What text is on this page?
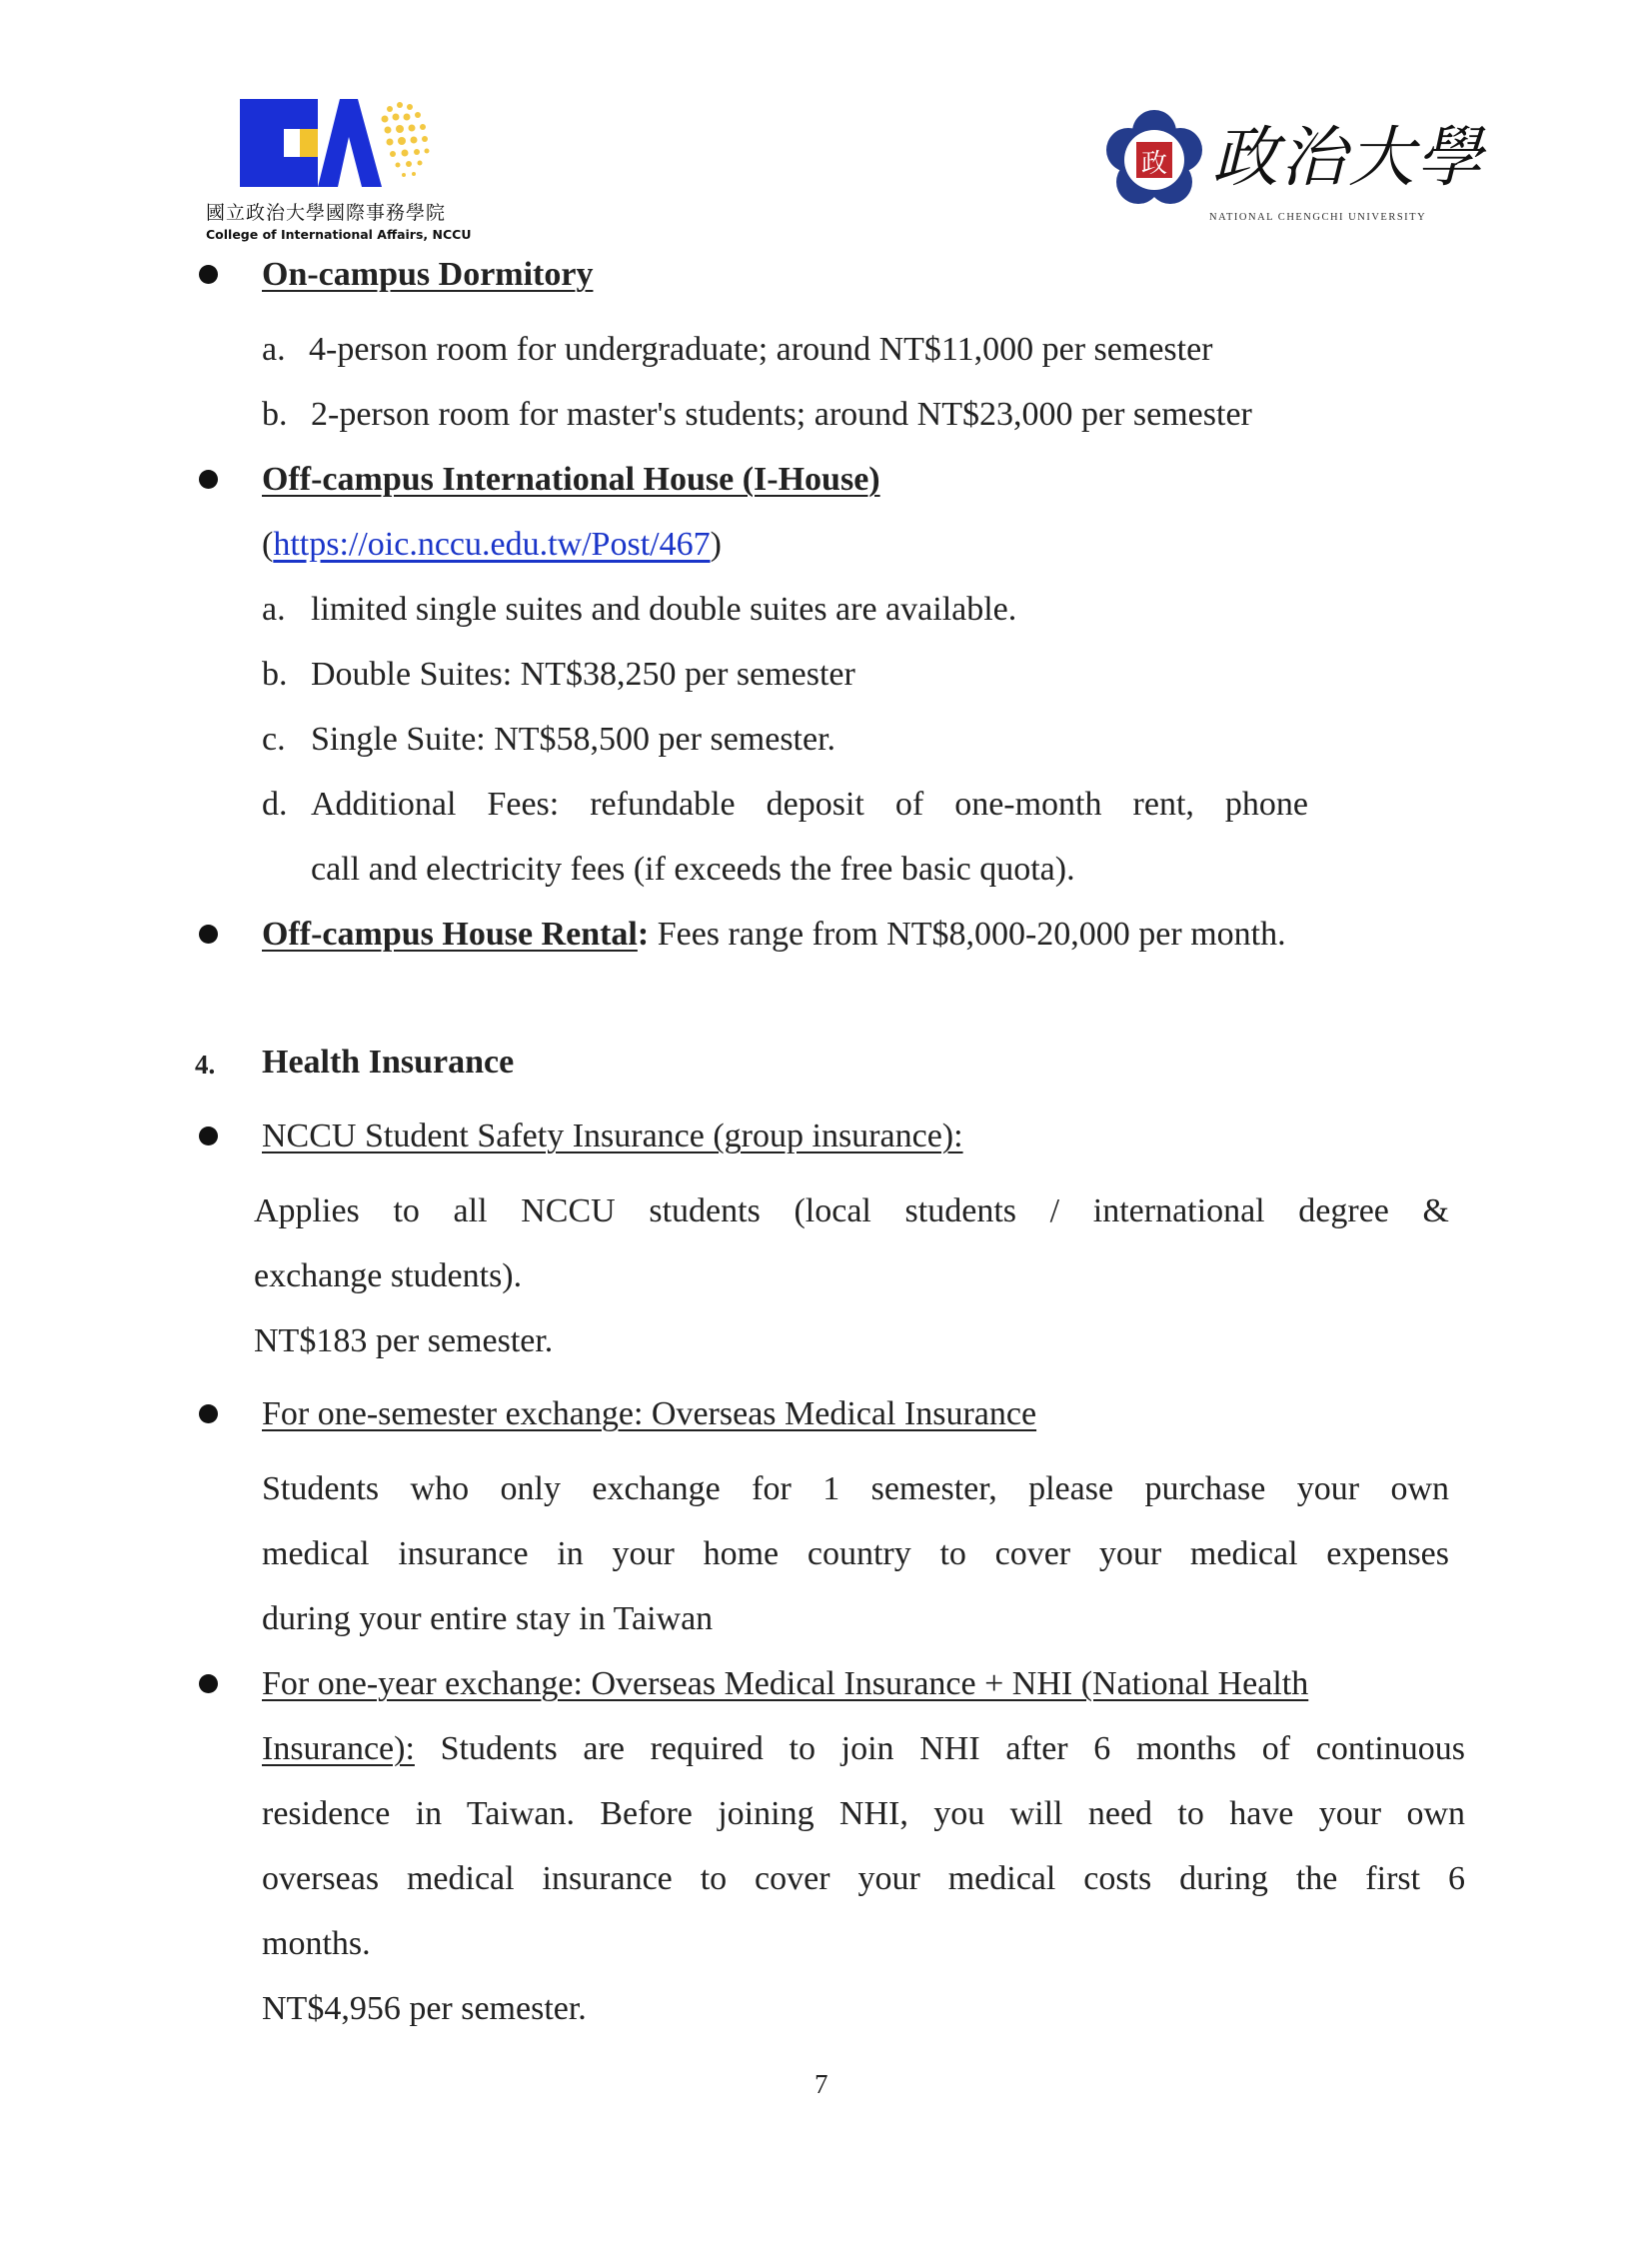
國立政治大學國際事務學院
College of International Affairs, NCCU
政 政治大學
NATIONAL CHENGCHI UNIVERSITY
On-campus Dormitory
a. 4-person room for undergraduate; around NT$11,000 per semester
b. 2-person room for master's students; around NT$23,000 per semester
Off-campus International House (I-House)
(https://oic.nccu.edu.tw/Post/467)
a. limited single suites and double suites are available.
b. Double Suites: NT$38,250 per semester
c. Single Suite: NT$58,500 per semester.
d. Additional Fees: refundable deposit of one-month rent, phone
call and electricity fees (if exceeds the free basic quota).
Off-campus House Rental: Fees range from NT$8,000-20,000 per month.
4. Health Insurance
NCCU Student Safety Insurance (group insurance):
Applies to all NCCU students (local students / international degree &
exchange students).
NT$183 per semester.
For one-semester exchange: Overseas Medical Insurance
Students who only exchange for 1 semester, please purchase your own
medical insurance in your home country to cover your medical expenses
during your entire stay in Taiwan
For one-year exchange: Overseas Medical Insurance + NHI (National Health
Insurance): Students are required to join NHI after 6 months of continuous
residence in Taiwan. Before joining NHI, you will need to have your own
overseas medical insurance to cover your medical costs during the first 6
months.
NT$4,956 per semester.
7
